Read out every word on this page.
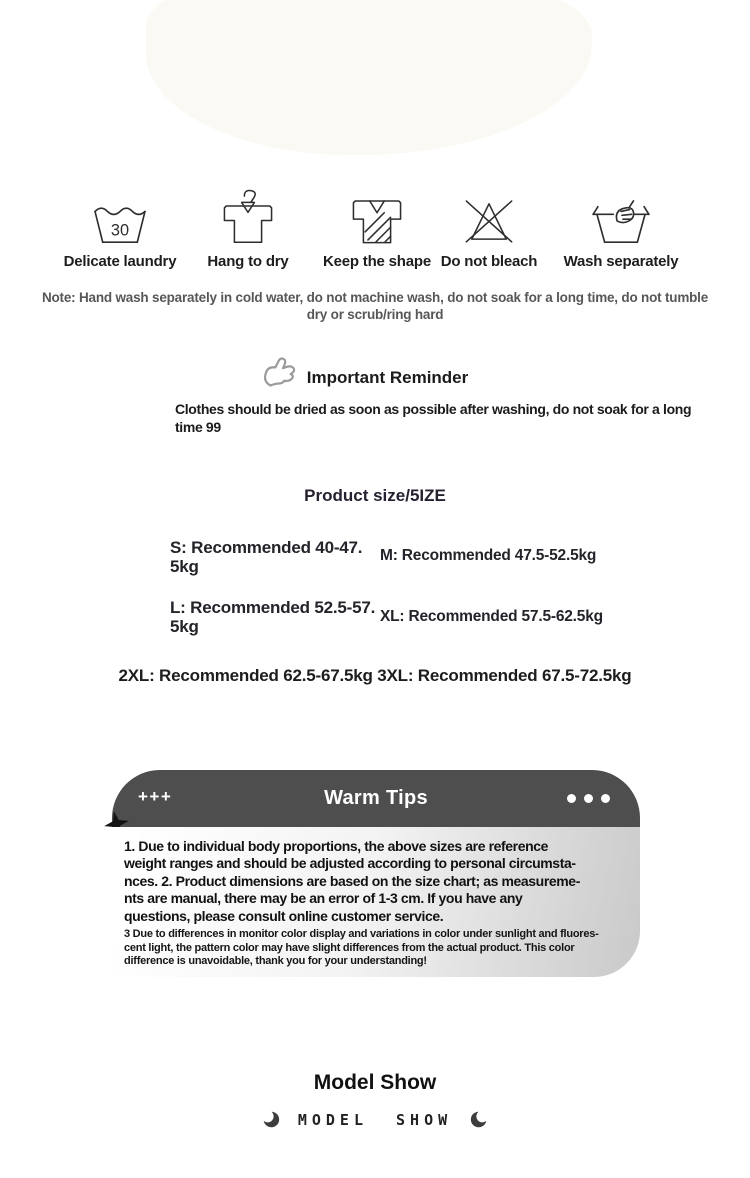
30
Delicate laundry	Hang to dry	Keep the shape Do not bleach	Wash separately
Note: Hand wash separately in cold water, do not machine wash, do not soak for a long time, do not tumble
dry or scrub/ring hard
Important Reminder
Clothes should be dried as soon as possible after washing, do not soak for a long
time 99
Product size/5IZE
S: Recommended 40-47.
5kg
M: Recommended 47.5-52.5kg
L: Recommended 52.5-57.
5kg
XL: Recommended 57.5-62.5kg
2XL: Recommended 62.5-67.5kg 3XL: Recommended 67.5-72.5kg
+++	Warm Tips
1. Due to individual body proportions, the above sizes are reference
weight ranges and should be adjusted according to personal circumsta-
nces. 2. Product dimensions are based on the size chart; as measureme-
nts are manual, there may be an error of 1-3 cm. If you have any
questions, please consult online customer service.
3 Due to differences in monitor color display and variations in color under sunlight and fluores-
cent light, the pattern color may have slight differences from the actual product. This color
difference is unavoidable, thank you for your understanding!
Model Show
MODEL SHOW
